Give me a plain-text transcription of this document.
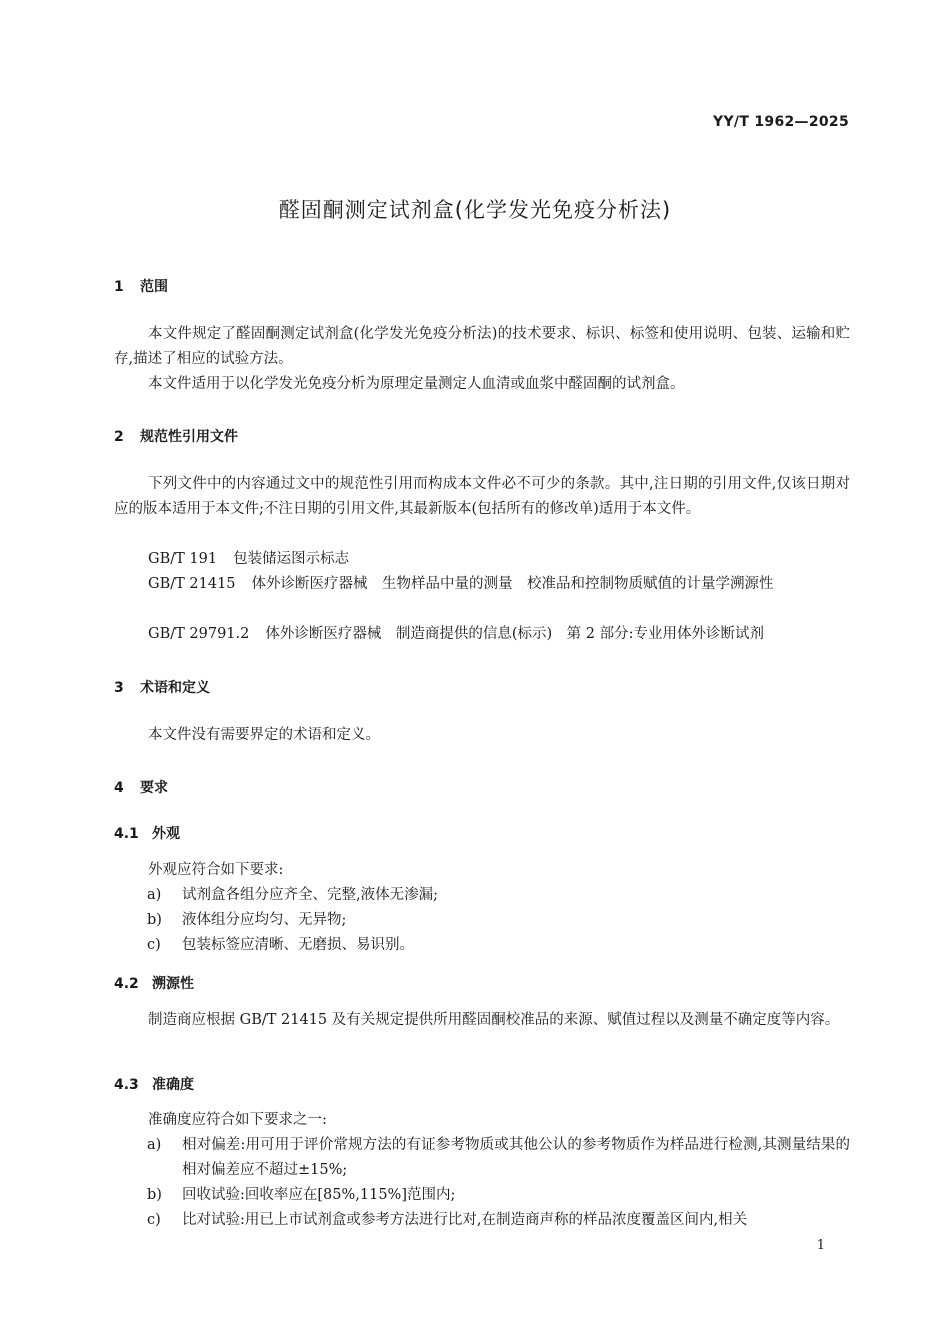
YY/T 1962—2025
醛固酮测定试剂盒(化学发光免疫分析法)
1 范围
本文件规定了醛固酮测定试剂盒(化学发光免疫分析法)的技术要求、标识、标签和使用说明、包装、运输和贮存,描述了相应的试验方法。
本文件适用于以化学发光免疫分析为原理定量测定人血清或血浆中醛固酮的试剂盒。
2 规范性引用文件
下列文件中的内容通过文中的规范性引用而构成本文件必不可少的条款。其中,注日期的引用文件,仅该日期对应的版本适用于本文件;不注日期的引用文件,其最新版本(包括所有的修改单)适用于本文件。
GB/T 191 包装储运图示标志
GB/T 21415 体外诊断医疗器械　生物样品中量的测量　校准品和控制物质赋值的计量学溯源性
GB/T 29791.2 体外诊断医疗器械　制造商提供的信息(标示)　第 2 部分:专业用体外诊断试剂
3 术语和定义
本文件没有需要界定的术语和定义。
4 要求
4.1 外观
外观应符合如下要求:
a) 试剂盒各组分应齐全、完整,液体无渗漏;
b) 液体组分应均匀、无异物;
c) 包装标签应清晰、无磨损、易识别。
4.2 溯源性
制造商应根据 GB/T 21415 及有关规定提供所用醛固酮校准品的来源、赋值过程以及测量不确定度等内容。
4.3 准确度
准确度应符合如下要求之一:
a) 相对偏差:用可用于评价常规方法的有证参考物质或其他公认的参考物质作为样品进行检测,其测量结果的相对偏差应不超过±15%;
b) 回收试验:回收率应在[85%,115%]范围内;
c) 比对试验:用已上市试剂盒或参考方法进行比对,在制造商声称的样品浓度覆盖区间内,相关
1
